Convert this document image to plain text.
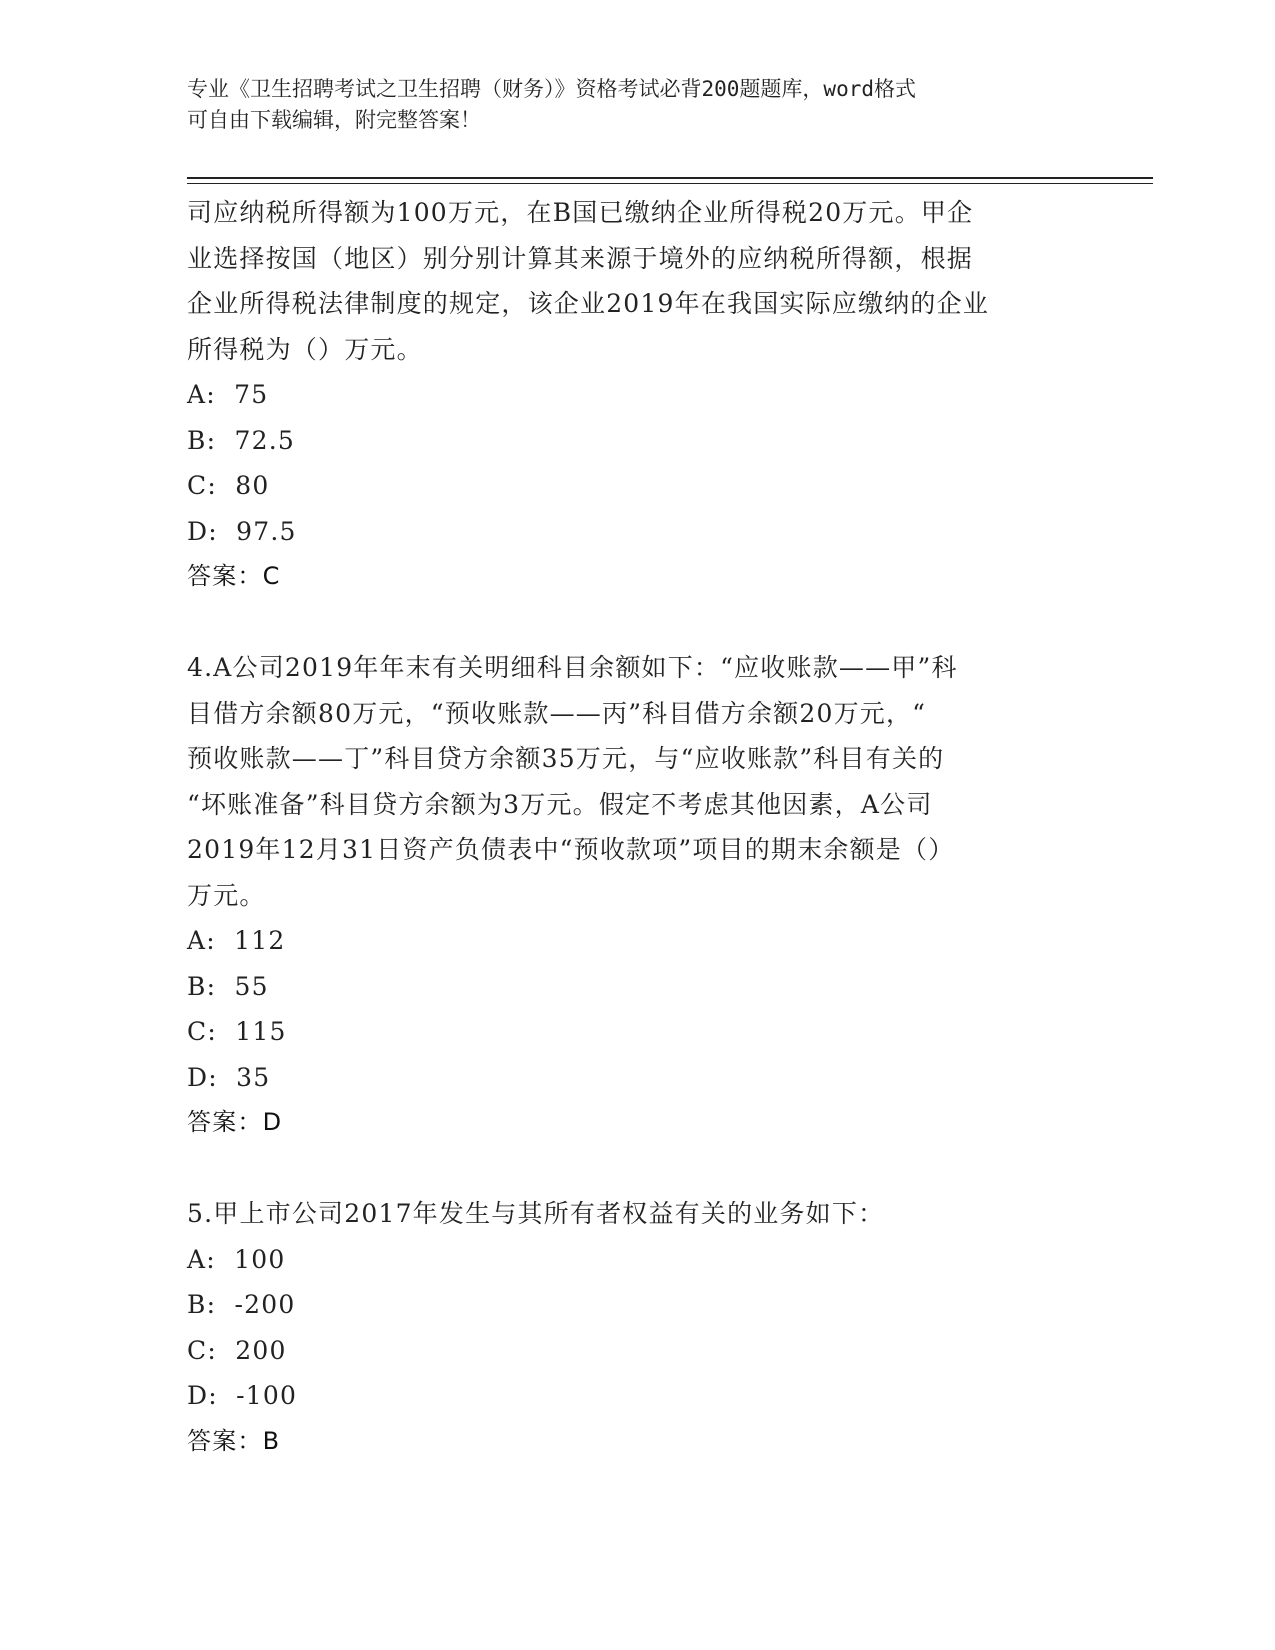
专业《卫生招聘考试之卫生招聘（财务）》资格考试必背200题题库，word格式
可自由下载编辑，附完整答案！

司应纳税所得额为100万元，在B国已缴纳企业所得税20万元。甲企

业选择按国（地区）别分别计算其来源于境外的应纳税所得额，根据

企业所得税法律制度的规定，该企业2019年在我国实际应缴纳的企业

所得税为（）万元。

A:  75

B:  72.5

C:  80

D:  97.5

答案：C

4.A公司2019年年末有关明细科目余额如下：“应收账款——甲”科

目借方余额80万元，“预收账款——丙”科目借方余额20万元，“

预收账款——丁”科目贷方余额35万元，与“应收账款”科目有关的

“坏账准备”科目贷方余额为3万元。假定不考虑其他因素，A公司

2019年12月31日资产负债表中“预收款项”项目的期末余额是（）

万元。

A:  112

B:  55

C:  115

D:  35

答案：D

5.甲上市公司2017年发生与其所有者权益有关的业务如下：

A:  100

B:  -200

C:  200

D:  -100

答案：B
